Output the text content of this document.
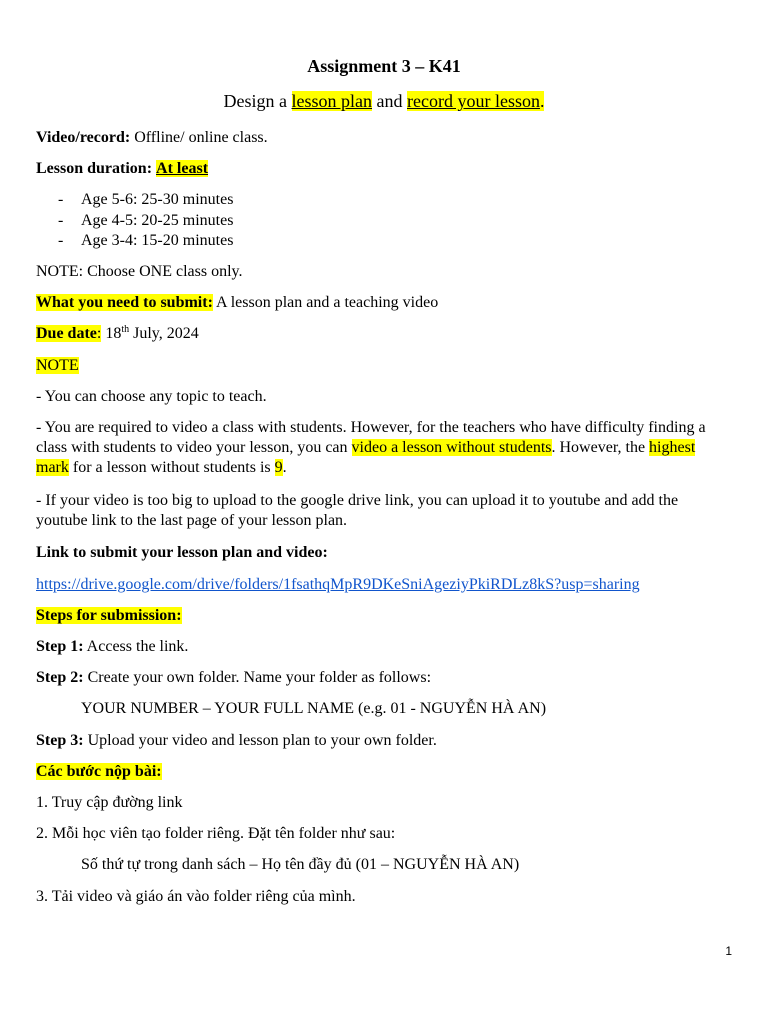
Assignment 3 – K41
Design a lesson plan and record your lesson.
Video/record: Offline/ online class.
Lesson duration: At least
- Age 5-6: 25-30 minutes
- Age 4-5: 20-25 minutes
- Age 3-4: 15-20 minutes
NOTE: Choose ONE class only.
What you need to submit: A lesson plan and a teaching video
Due date: 18th July, 2024
NOTE
- You can choose any topic to teach.
- You are required to video a class with students. However, for the teachers who have difficulty finding a class with students to video your lesson, you can video a lesson without students. However, the highest mark for a lesson without students is 9.
- If your video is too big to upload to the google drive link, you can upload it to youtube and add the youtube link to the last page of your lesson plan.
Link to submit your lesson plan and video:
https://drive.google.com/drive/folders/1fsathqMpR9DKeSniAgeziyPkiRDLz8kS?usp=sharing
Steps for submission:
Step 1: Access the link.
Step 2: Create your own folder. Name your folder as follows:
YOUR NUMBER – YOUR FULL NAME (e.g. 01 - NGUYỄN HÀ AN)
Step 3: Upload your video and lesson plan to your own folder.
Các bước nộp bài:
1. Truy cập đường link
2. Mỗi học viên tạo folder riêng. Đặt tên folder như sau:
Số thứ tự trong danh sách – Họ tên đầy đủ (01 – NGUYỄN HÀ AN)
3. Tải video và giáo án vào folder riêng của mình.
1
